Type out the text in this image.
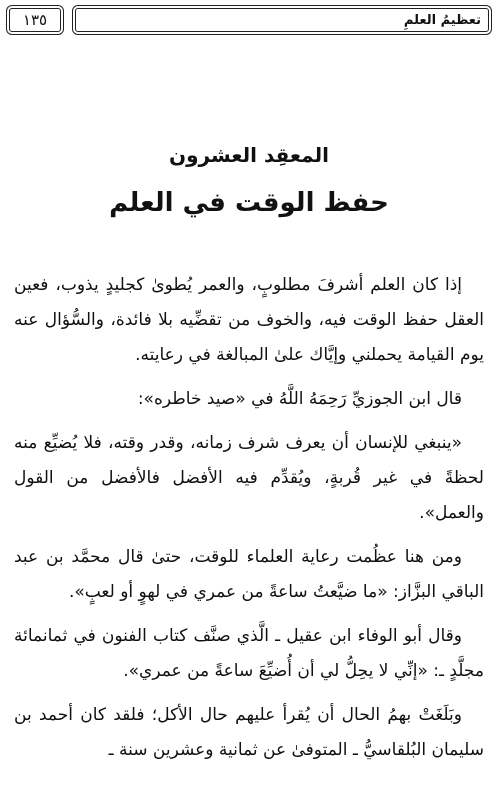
تعظيمُ العلمِ
١٣٥
المعقِد العشرون
حفظ الوقت في العلم

إذا كان العلم أشرفَ مطلوبٍ، والعمر يُطوىٰ كجليدٍ يذوب، فعين العقل حفظ الوقت فيه، والخوف من تقضِّيه بلا فائدة، والسُّؤال عنه يوم القيامة يحملني وإيَّاك علىٰ المبالغة في رعايته.

قال ابن الجوزيِّ رَحِمَهُ اللَّهُ في «صيد خاطره»:

«ينبغي للإنسان أن يعرف شرف زمانه، وقدر وقته، فلا يُضيِّع منه لحظةً في غير قُربةٍ، ويُقدِّم فيه الأفضل فالأفضل من القول والعمل».

ومن هنا عظُمت رعاية العلماء للوقت، حتىٰ قال محمَّد بن عبد الباقي البزَّاز: «ما ضيَّعتُ ساعةً من عمري في لهوٍ أو لعبٍ».

وقال أبو الوفاء ابن عقيل ـ الَّذي صنَّف كتاب الفنون في ثمانمائة مجلَّدٍ ـ: «إنِّي لا يحِلُّ لي أن أُضيِّعَ ساعةً من عمري».

وبَلَغَتْ بهمُ الحال أن يُقرأ عليهم حال الأكل؛ فلقد كان أحمد بن سليمان البُلقاسيُّ ـ المتوفىٰ عن ثمانية وعشرين سنة ـ
